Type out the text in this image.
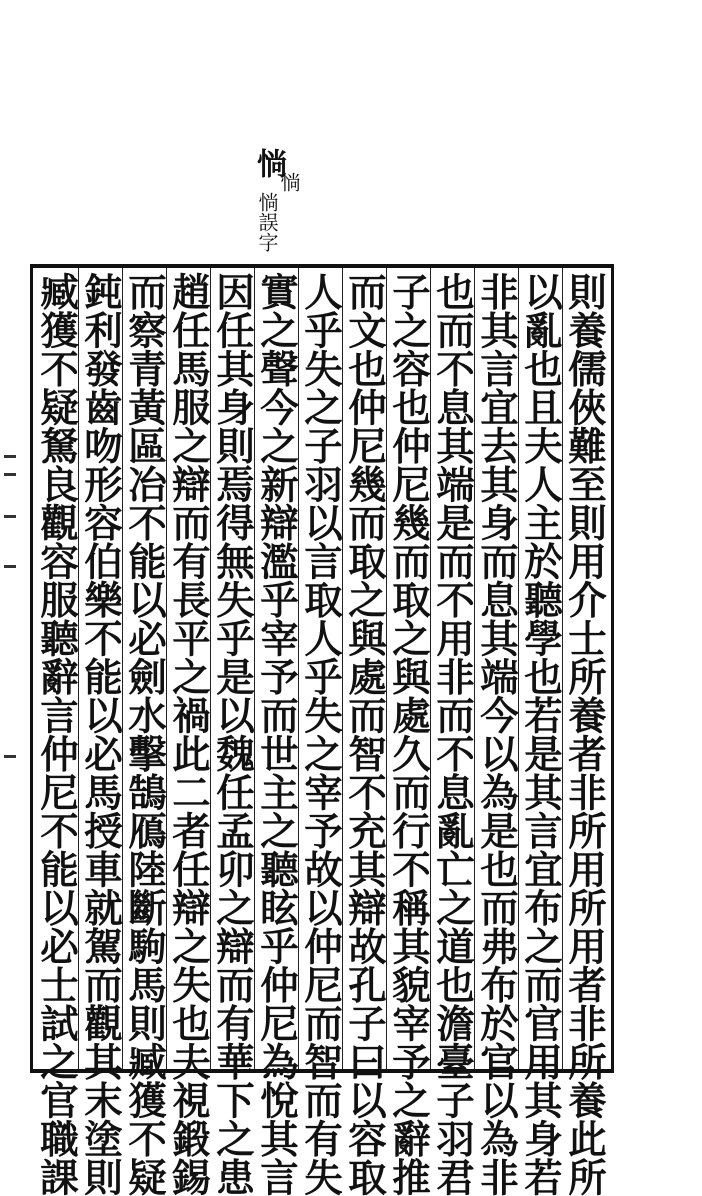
惝
惝
惝誤字
則養儒俠難至則用介士所養者非所用所用者非所養此所
以亂也且夫人主於聽學也若是其言宜布之而官用其身若
非其言宜去其身而息其端今以為是也而弗布於官以為非
也而不息其端是而不用非而不息亂亡之道也澹臺子羽君
子之容也仲尼幾而取之與處久而行不稱其貌宰予之辭推
而文也仲尼幾而取之與處而智不充其辯故孔子曰以容取
人乎失之子羽以言取人乎失之宰予故以仲尼而智而有失
實之聲今之新辯濫乎宰予而世主之聽眩乎仲尼為悅其言
因任其身則焉得無失乎是以魏任孟卯之辯而有華下之患
趙任馬服之辯而有長平之禍此二者任辯之失也夫視鍛錫
而察青黃區冶不能以必劍水擊鵠鴈陸斷駒馬則臧獲不疑
鈍利發齒吻形容伯樂不能以必馬授車就駕而觀其末塗則
臧獲不疑駑良觀容服聽辭言仲尼不能以必士試之官職課
